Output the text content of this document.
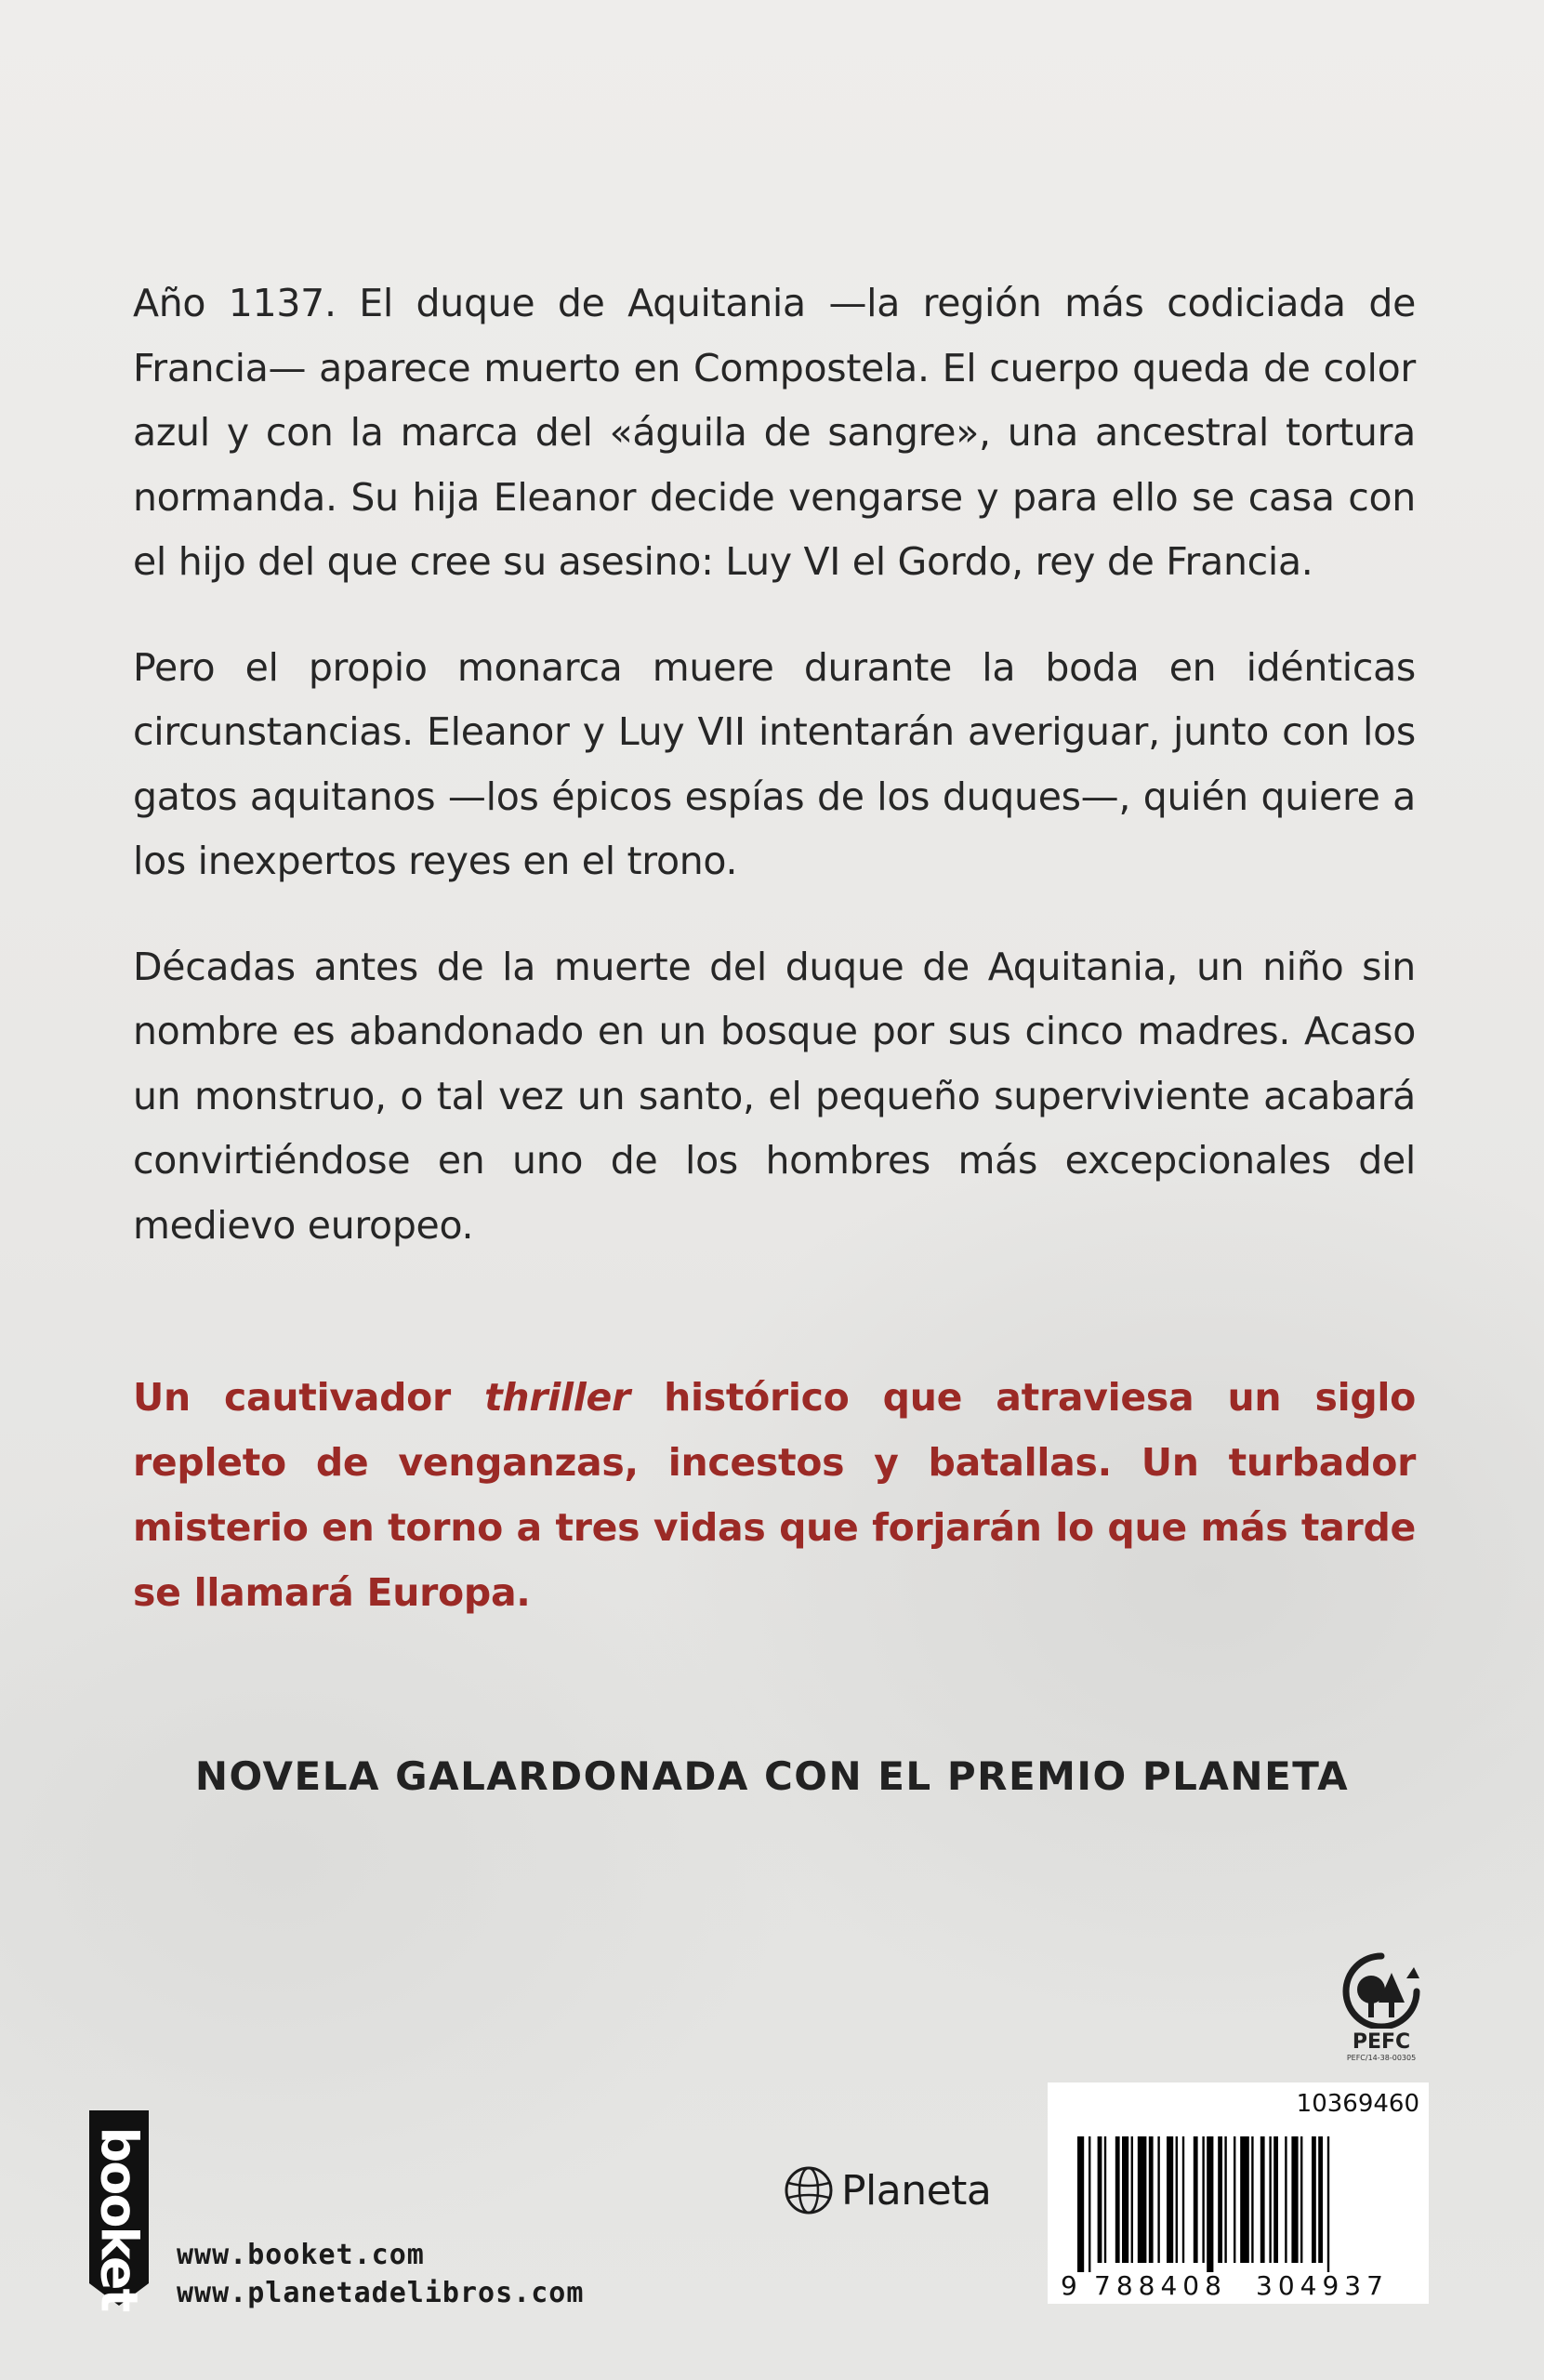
Año 1137. El duque de Aquitania —la región más codiciada de Francia— aparece muerto en Compostela. El cuerpo queda de color azul y con la marca del «águila de sangre», una ancestral tortura normanda. Su hija Eleanor decide vengarse y para ello se casa con el hijo del que cree su asesino: Luy VI el Gordo, rey de Francia.

Pero el propio monarca muere durante la boda en idénticas circunstancias. Eleanor y Luy VII intentarán averiguar, junto con los gatos aquitanos —los épicos espías de los duques—, quién quiere a los inexpertos reyes en el trono.

Décadas antes de la muerte del duque de Aquitania, un niño sin nombre es abandonado en un bosque por sus cinco madres. Acaso un monstruo, o tal vez un santo, el pequeño superviviente acabará convirtiéndose en uno de los hombres más excepcionales del medievo europeo.

Un cautivador thriller histórico que atraviesa un siglo repleto de venganzas, incestos y batallas. Un turbador misterio en torno a tres vidas que forjarán lo que más tarde se llamará Europa.

NOVELA GALARDONADA CON EL PREMIO PLANETA
PEFC
PEFC/14-38-00305
booket www.booket.com
www.planetadelibros.com
Planeta
10369460
9 788408 304937
